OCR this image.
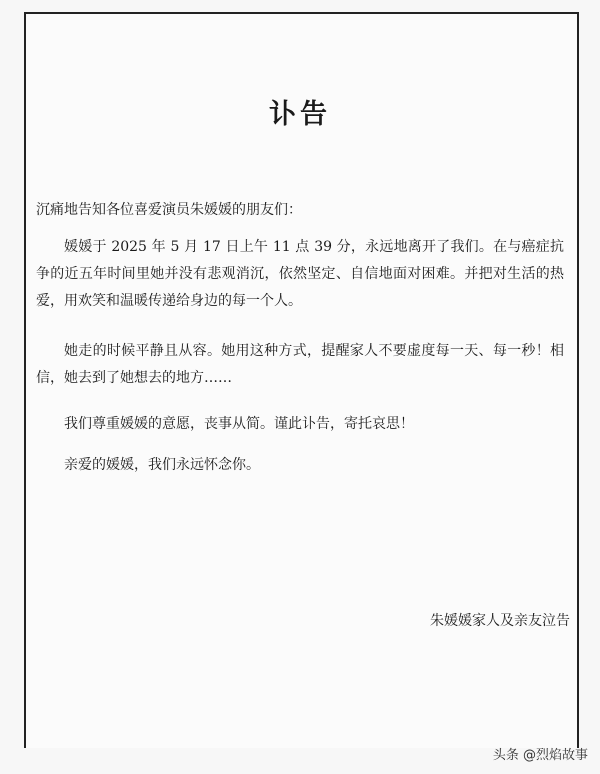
讣告
沉痛地告知各位喜爱演员朱媛媛的朋友们：

媛媛于 2025 年 5 月 17 日上午 11 点 39 分，永远地离开了我们。在与癌症抗争的近五年时间里她并没有悲观消沉，依然坚定、自信地面对困难。并把对生活的热爱，用欢笑和温暖传递给身边的每一个人。

她走的时候平静且从容。她用这种方式，提醒家人不要虚度每一天、每一秒！相信，她去到了她想去的地方……

我们尊重媛媛的意愿，丧事从简。谨此讣告，寄托哀思！

亲爱的媛媛，我们永远怀念你。

朱媛媛家人及亲友泣告
头条 @烈焰故事
